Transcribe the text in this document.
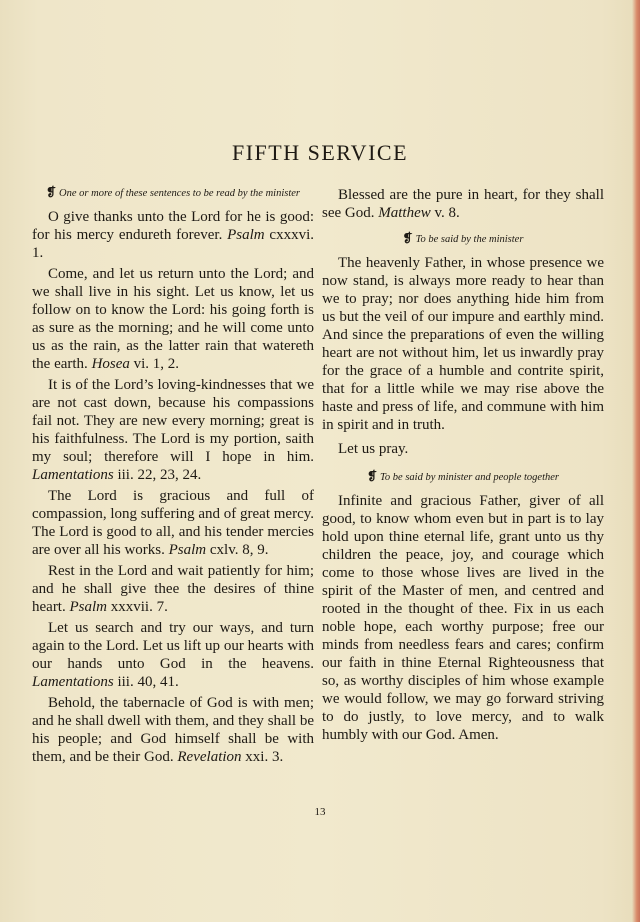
FIFTH SERVICE

❡ One or more of these sentences to be read by the minister

O give thanks unto the Lord for he is good: for his mercy endureth forever. Psalm cxxxvi. 1.

Come, and let us return unto the Lord; and we shall live in his sight. Let us know, let us follow on to know the Lord: his going forth is as sure as the morning; and he will come unto us as the rain, as the latter rain that watereth the earth. Hosea vi. 1, 2.

It is of the Lord’s loving-kindnesses that we are not cast down, because his compassions fail not. They are new every morning; great is his faithfulness. The Lord is my portion, saith my soul; therefore will I hope in him. Lamentations iii. 22, 23, 24.

The Lord is gracious and full of compassion, long suffering and of great mercy. The Lord is good to all, and his tender mercies are over all his works. Psalm cxlv. 8, 9.

Rest in the Lord and wait patiently for him; and he shall give thee the desires of thine heart. Psalm xxxvii. 7.

Let us search and try our ways, and turn again to the Lord. Let us lift up our hearts with our hands unto God in the heavens. Lamentations iii. 40, 41.

Behold, the tabernacle of God is with men; and he shall dwell with them, and they shall be his people; and God himself shall be with them, and be their God. Revelation xxi. 3.

Blessed are the pure in heart, for they shall see God. Matthew v. 8.

❡ To be said by the minister

The heavenly Father, in whose presence we now stand, is always more ready to hear than we to pray; nor does anything hide him from us but the veil of our impure and earthly mind. And since the preparations of even the willing heart are not without him, let us inwardly pray for the grace of a humble and contrite spirit, that for a little while we may rise above the haste and press of life, and commune with him in spirit and in truth.

Let us pray.

❡ To be said by minister and people together

Infinite and gracious Father, giver of all good, to know whom even but in part is to lay hold upon thine eternal life, grant unto us thy children the peace, joy, and courage which come to those whose lives are lived in the spirit of the Master of men, and centred and rooted in the thought of thee. Fix in us each noble hope, each worthy purpose; free our minds from needless fears and cares; confirm our faith in thine Eternal Righteousness that so, as worthy disciples of him whose example we would follow, we may go forward striving to do justly, to love mercy, and to walk humbly with our God. Amen.

13
